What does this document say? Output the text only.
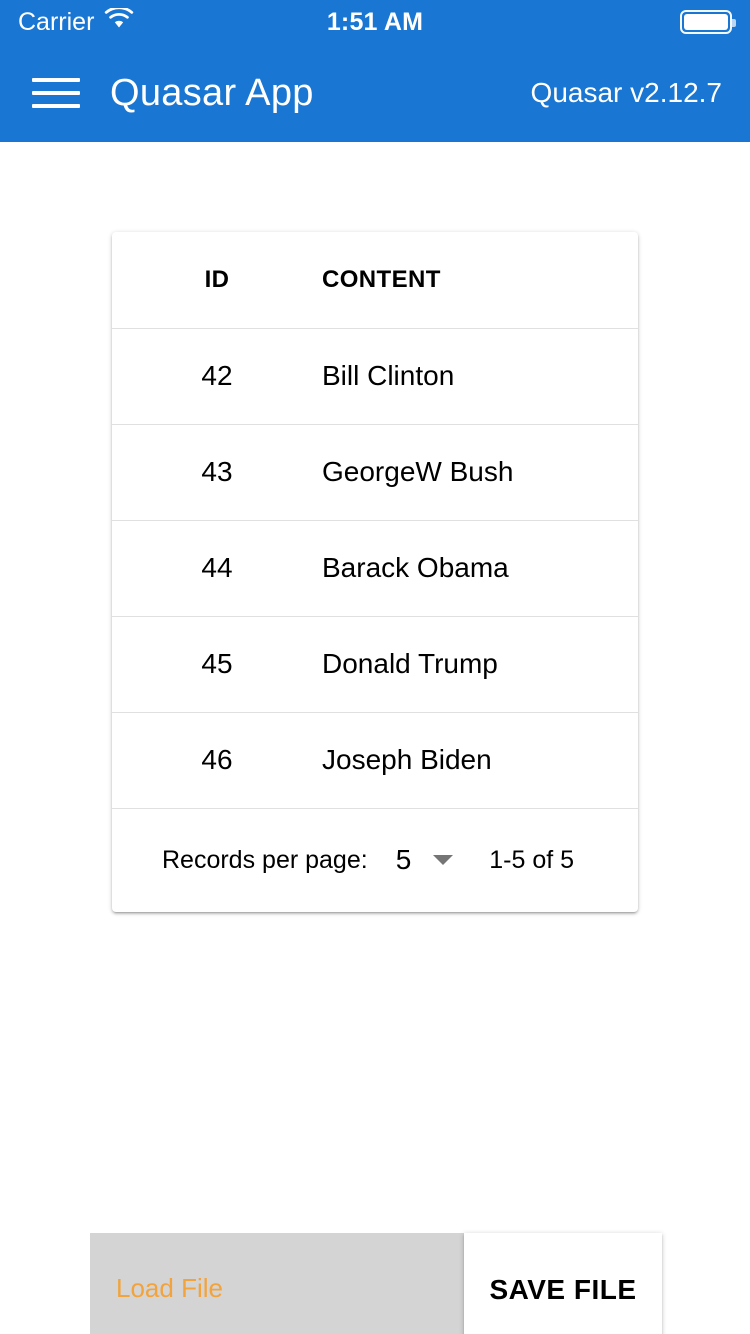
Carrier	1:51 AM
Quasar App	Quasar v2.12.7
ID	CONTENT
42	Bill Clinton
43	GeorgeW Bush
44	Barack Obama
45	Donald Trump
46	Joseph Biden
Records per page: 5	1-5 of 5
Load File	SAVE FILE
